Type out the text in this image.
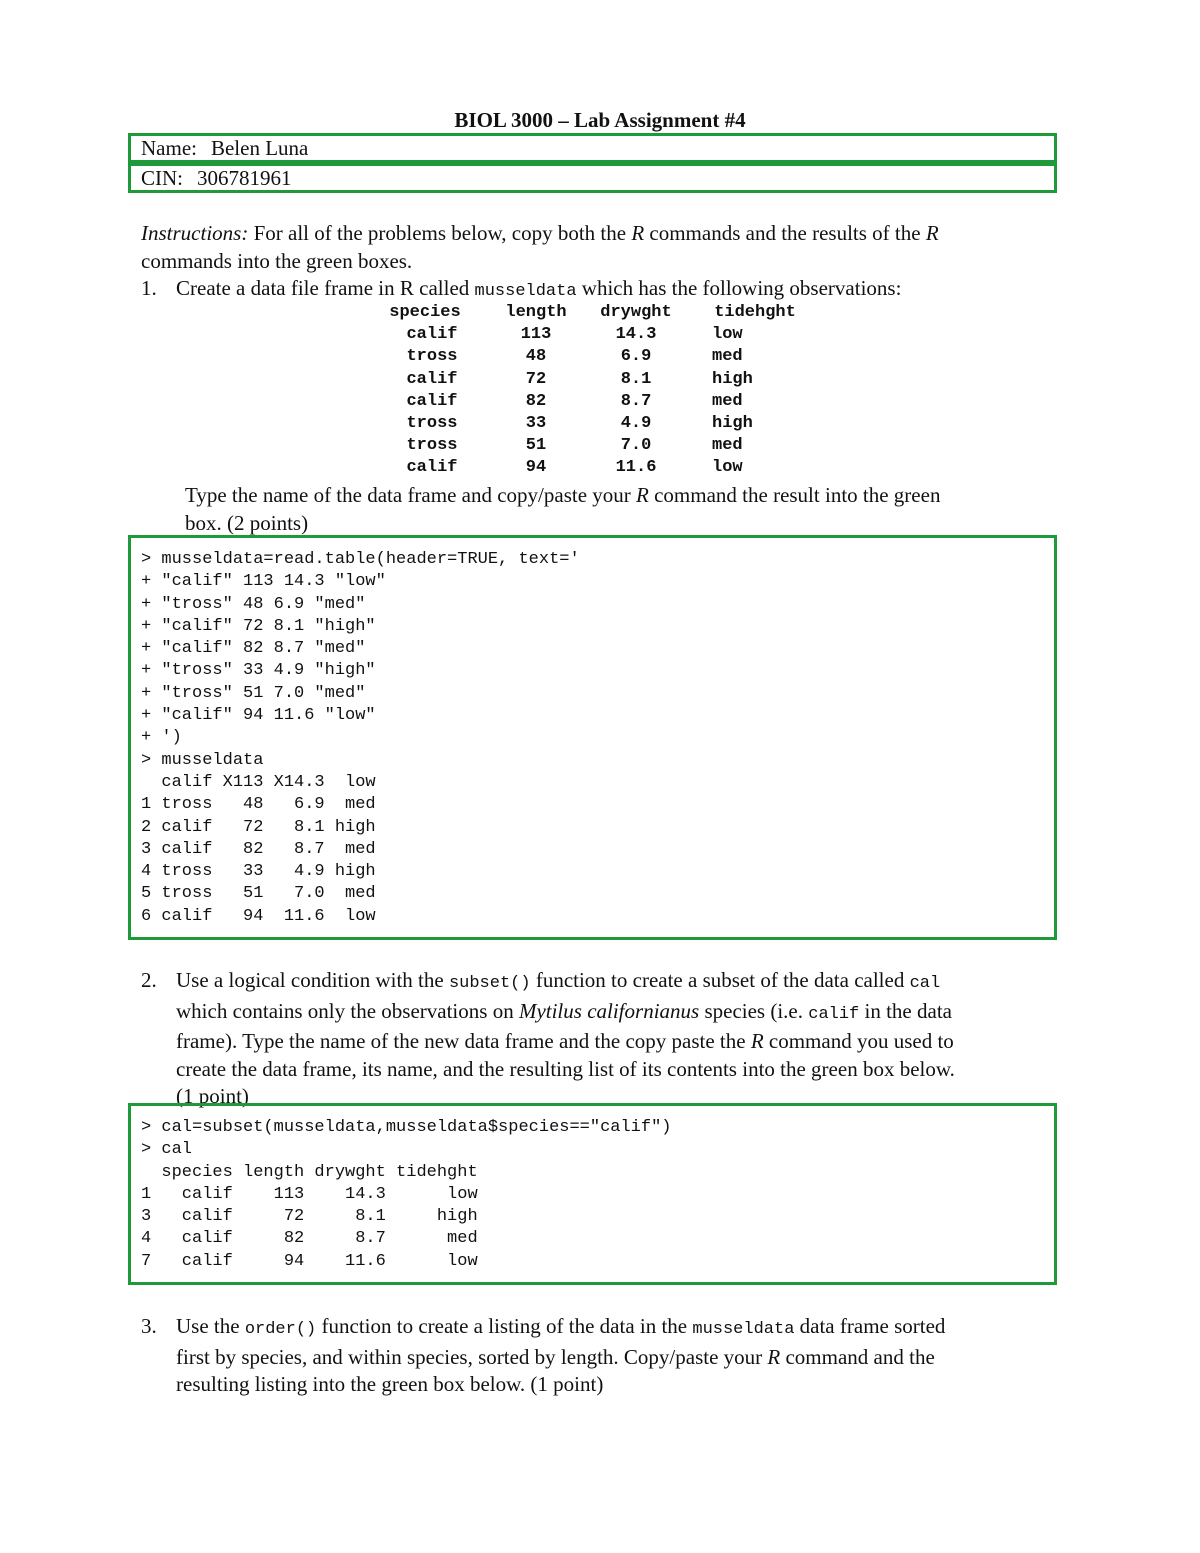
BIOL 3000 – Lab Assignment #4
Name: Belen Luna
CIN: 306781961
Instructions: For all of the problems below, copy both the R commands and the results of the R
commands into the green boxes.
1. Create a data file frame in R called musseldata which has the following observations:
species	length	drywght	tidehght
calif	113	14.3	low
tross	48	6.9	med
calif	72	8.1	high
calif	82	8.7	med
tross	33	4.9	high
tross	51	7.0	med
calif	94	11.6	low
Type the name of the data frame and copy/paste your R command the result into the green
box. (2 points)
> musseldata=read.table(header=TRUE, text='
+ "calif" 113 14.3 "low"
+ "tross" 48 6.9 "med"
+ "calif" 72 8.1 "high"
+ "calif" 82 8.7 "med"
+ "tross" 33 4.9 "high"
+ "tross" 51 7.0 "med"
+ "calif" 94 11.6 "low"
+ ')
> musseldata
calif X113 X14.3  low
1 tross   48   6.9  med
2 calif   72   8.1 high
3 calif   82   8.7  med
4 tross   33   4.9 high
5 tross   51   7.0  med
6 calif   94  11.6  low
2. Use a logical condition with the subset() function to create a subset of the data called cal
which contains only the observations on Mytilus californianus species (i.e. calif in the data
frame). Type the name of the new data frame and the copy paste the R command you used to
create the data frame, its name, and the resulting list of its contents into the green box below.
(1 point)
> cal=subset(musseldata,musseldata$species=="calif")
> cal
species length drywght tidehght
1   calif    113    14.3      low
3   calif     72     8.1     high
4   calif     82     8.7      med
7   calif     94    11.6      low
3. Use the order() function to create a listing of the data in the musseldata data frame sorted
first by species, and within species, sorted by length. Copy/paste your R command and the
resulting listing into the green box below. (1 point)
